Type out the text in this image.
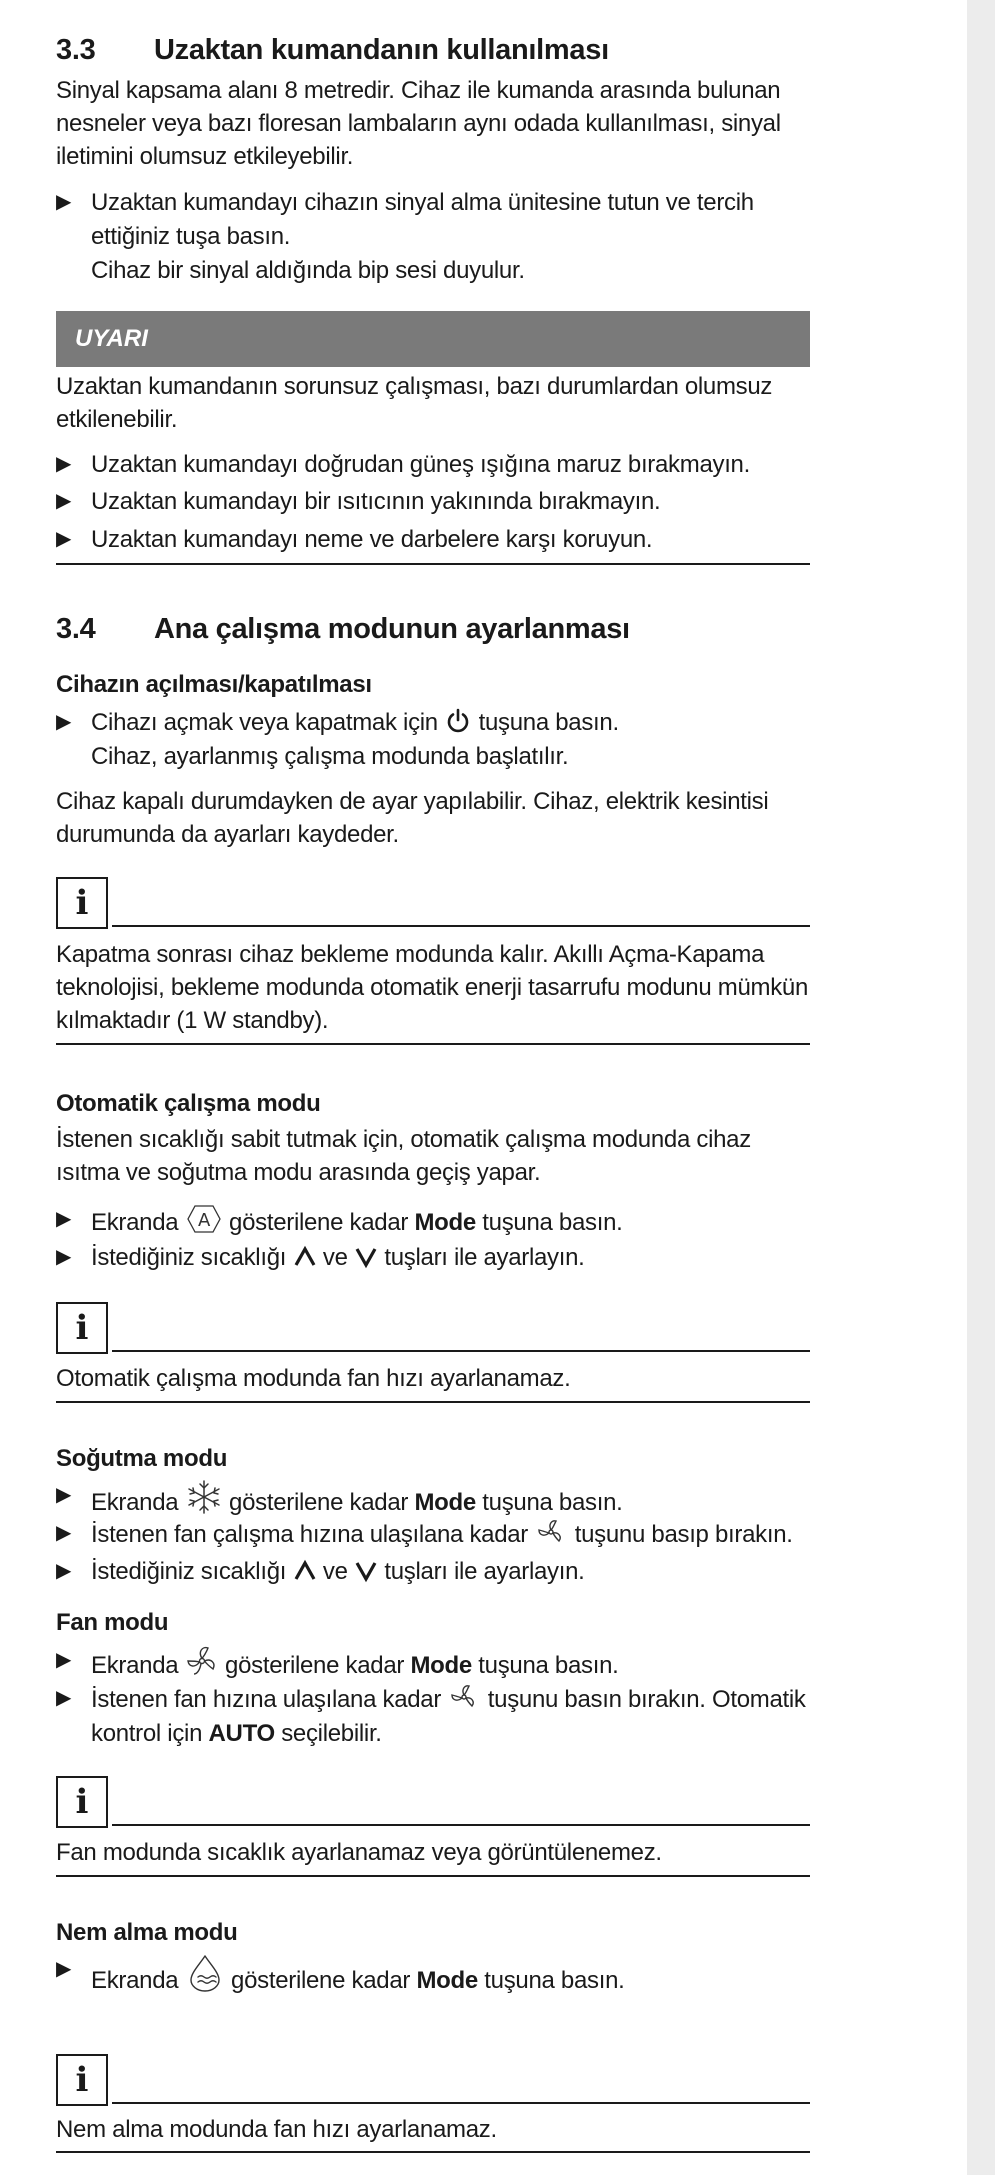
3.3 Uzaktan kumandanın kullanılması

Sinyal kapsama alanı 8 metredir. Cihaz ile kumanda arasında bulunan nesneler veya bazı floresan lambaların aynı odada kullanılması, sinyal iletimini olumsuz etkileyebilir.

▶ Uzaktan kumandayı cihazın sinyal alma ünitesine tutun ve tercih
ettiğiniz tuşa basın.
Cihaz bir sinyal aldığında bip sesi duyulur.
UYARI

Uzaktan kumandanın sorunsuz çalışması, bazı durumlardan olumsuz etkilenebilir.

▶ Uzaktan kumandayı doğrudan güneş ışığına maruz bırakmayın.
▶ Uzaktan kumandayı bir ısıtıcının yakınında bırakmayın.
▶ Uzaktan kumandayı neme ve darbelere karşı koruyun.
3.4 Ana çalışma modunun ayarlanması
Cihazın açılması/kapatılması
▶ Cihazı açmak veya kapatmak için tuşuna basın.
Cihaz, ayarlanmış çalışma modunda başlatılır.

Cihaz kapalı durumdayken de ayar yapılabilir. Cihaz, elektrik kesintisi durumunda da ayarları kaydeder.

i

Kapatma sonrası cihaz bekleme modunda kalır. Akıllı Açma-Kapama teknolojisi, bekleme modunda otomatik enerji tasarrufu modunu mümkün kılmaktadır (1 W standby).

Otomatik çalışma modu

İstenen sıcaklığı sabit tutmak için, otomatik çalışma modunda cihaz ısıtma ve soğutma modu arasında geçiş yapar.

▶ Ekranda A gösterilene kadar Mode tuşuna basın.
▶ İstediğiniz sıcaklığı ve tuşları ile ayarlayın.
i

Otomatik çalışma modunda fan hızı ayarlanamaz.

Soğutma modu
▶ Ekranda gösterilene kadar Mode tuşuna basın.
▶ İstenen fan çalışma hızına ulaşılana kadar tuşunu basıp bırakın.
▶ İstediğiniz sıcaklığı ve tuşları ile ayarlayın.
Fan modu
▶ Ekranda gösterilene kadar Mode tuşuna basın.
▶ İstenen fan hızına ulaşılana kadar tuşunu basın bırakın. Otomatik
kontrol için AUTO seçilebilir.
i

Fan modunda sıcaklık ayarlanamaz veya görüntülenemez.

Nem alma modu
▶ Ekranda gösterilene kadar Mode tuşuna basın.
i

Nem alma modunda fan hızı ayarlanamaz.
